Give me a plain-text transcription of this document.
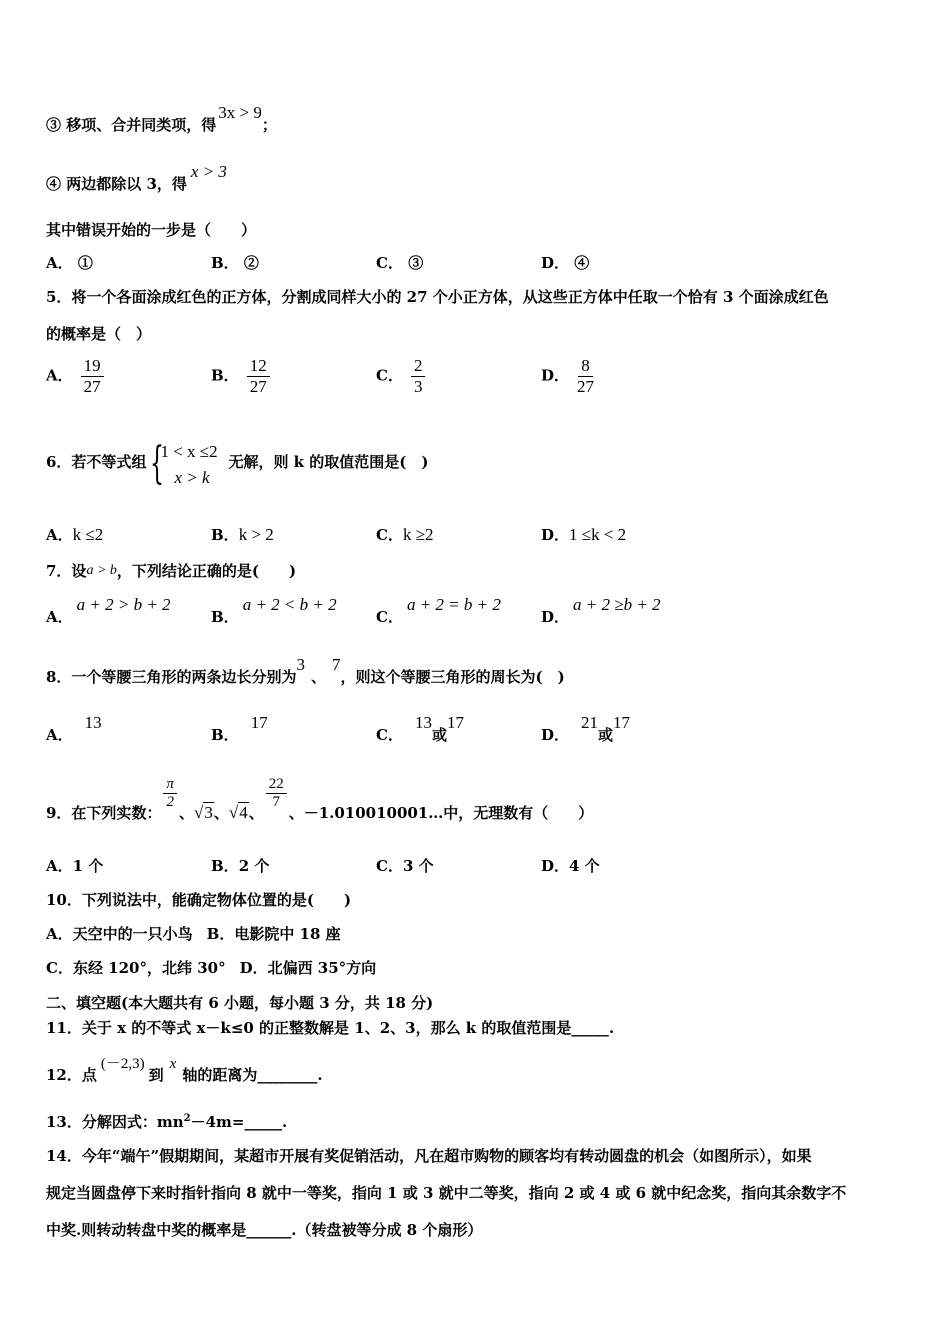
③ 移项、合并同类项，得3x > 9；
④ 两边都除以 3，得x > 3
其中错误开始的一步是（　　）
A． ①	B． ②	C． ③	D． ④
5．将一个各面涂成红色的正方体，分割成同样大小的 27 个小正方体，从这些正方体中任取一个恰有 3 个面涂成红色
的概率是（　）
A． $\frac{19}{27}$	B． $\frac{12}{27}$	C． $\frac{2}{3}$	D． $\frac{8}{27}$
6．若不等式组 {
1 < x ≤2
x > k
无解，则 k 的取值范围是(　)
A．k ≤2	B．k > 2	C．k ≥2	D．1 ≤k < 2
7．设a > b，下列结论正确的是(　　)
A．a + 2 > b + 2
B．a + 2 < b + 2
C．a + 2 = b + 2
D．a + 2 ≥b + 2
8．一个等腰三角形的两条边长分别为3、7，则这个等腰三角形的周长为(　)
A．13
B．17
C．13或17
D．21或17
9．在下列实数：
$\frac{\pi}{2}$
、√3、√4、
$\frac{22}{7}$
、－1.010010001…中，无理数有（　　）
A．1 个	B．2 个	C．3 个	D．4 个
10．下列说法中，能确定物体位置的是(　　)
A．天空中的一只小鸟 B．电影院中 18 座
C．东经 120°，北纬 30° D．北偏西 35°方向
二、填空题(本大题共有 6 小题，每小题 3 分，共 18 分)
11．关于 x 的不等式 x－k≤0 的正整数解是 1、2、3，那么 k 的取值范围是_____.
12．点(－2,3)到x轴的距离为________.
13．分解因式：$mn^2-4m=\_\_\_\_\_$.
14．今年“端午”假期期间，某超市开展有奖促销活动，凡在超市购物的顾客均有转动圆盘的机会（如图所示），如果
规定当圆盘停下来时指针指向 8 就中一等奖，指向 1 或 3 就中二等奖，指向 2 或 4 或 6 就中纪念奖，指向其余数字不
中奖.则转动转盘中奖的概率是______.（转盘被等分成 8 个扇形）
